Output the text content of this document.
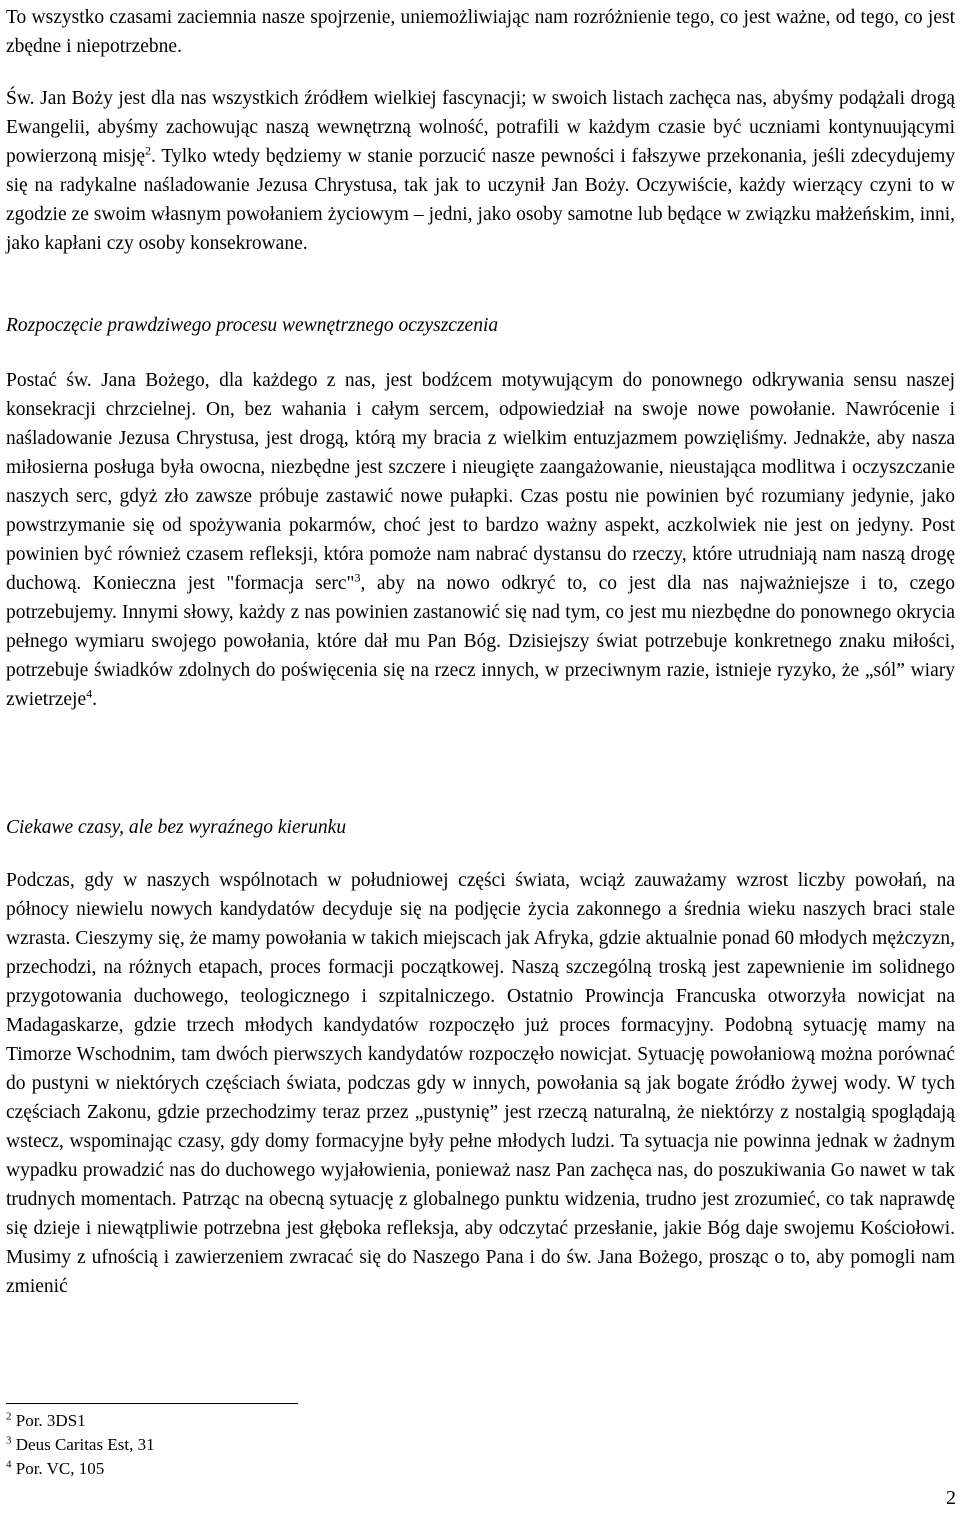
To wszystko czasami zaciemnia nasze spojrzenie, uniemożliwiając nam rozróżnienie tego, co jest ważne, od tego, co jest zbędne i niepotrzebne.

Św. Jan Boży jest dla nas wszystkich źródłem wielkiej fascynacji; w swoich listach zachęca nas, abyśmy podążali drogą Ewangelii, abyśmy zachowując naszą wewnętrzną wolność, potrafili w każdym czasie być uczniami kontynuującymi powierzoną misję$^2$. Tylko wtedy będziemy w stanie porzucić nasze pewności i fałszywe przekonania, jeśli zdecydujemy się na radykalne naśladowanie Jezusa Chrystusa, tak jak to uczynił Jan Boży. Oczywiście, każdy wierzący czyni to w zgodzie ze swoim własnym powołaniem życiowym – jedni, jako osoby samotne lub będące w związku małżeńskim, inni, jako kapłani czy osoby konsekrowane.

Rozpoczęcie prawdziwego procesu wewnętrznego oczyszczenia

Postać św. Jana Bożego, dla każdego z nas, jest bodźcem motywującym do ponownego odkrywania sensu naszej konsekracji chrzcielnej. On, bez wahania i całym sercem, odpowiedział na swoje nowe powołanie. Nawrócenie i naśladowanie Jezusa Chrystusa, jest drogą, którą my bracia z wielkim entuzjazmem powzięliśmy. Jednakże, aby nasza miłosierna posługa była owocna, niezbędne jest szczere i nieugięte zaangażowanie, nieustająca modlitwa i oczyszczanie naszych serc, gdyż zło zawsze próbuje zastawić nowe pułapki. Czas postu nie powinien być rozumiany jedynie, jako powstrzymanie się od spożywania pokarmów, choć jest to bardzo ważny aspekt, aczkolwiek nie jest on jedyny. Post powinien być również czasem refleksji, która pomoże nam nabrać dystansu do rzeczy, które utrudniają nam naszą drogę duchową. Konieczna jest "formacja serc"$^3$, aby na nowo odkryć to, co jest dla nas najważniejsze i to, czego potrzebujemy. Innymi słowy, każdy z nas powinien zastanowić się nad tym, co jest mu niezbędne do ponownego okrycia pełnego wymiaru swojego powołania, które dał mu Pan Bóg. Dzisiejszy świat potrzebuje konkretnego znaku miłości, potrzebuje świadków zdolnych do poświęcenia się na rzecz innych, w przeciwnym razie, istnieje ryzyko, że „sól” wiary zwietrzeje$^4$.

Ciekawe czasy, ale bez wyraźnego kierunku

Podczas, gdy w naszych wspólnotach w południowej części świata, wciąż zauważamy wzrost liczby powołań, na północy niewielu nowych kandydatów decyduje się na podjęcie życia zakonnego a średnia wieku naszych braci stale wzrasta. Cieszymy się, że mamy powołania w takich miejscach jak Afryka, gdzie aktualnie ponad 60 młodych mężczyzn, przechodzi, na różnych etapach, proces formacji początkowej. Naszą szczególną troską jest zapewnienie im solidnego przygotowania duchowego, teologicznego i szpitalniczego. Ostatnio Prowincja Francuska otworzyła nowicjat na Madagaskarze, gdzie trzech młodych kandydatów rozpoczęło już proces formacyjny. Podobną sytuację mamy na Timorze Wschodnim, tam dwóch pierwszych kandydatów rozpoczęło nowicjat. Sytuację powołaniową można porównać do pustyni w niektórych częściach świata, podczas gdy w innych, powołania są jak bogate źródło żywej wody. W tych częściach Zakonu, gdzie przechodzimy teraz przez „pustynię” jest rzeczą naturalną, że niektórzy z nostalgią spoglądają wstecz, wspominając czasy, gdy domy formacyjne były pełne młodych ludzi. Ta sytuacja nie powinna jednak w żadnym wypadku prowadzić nas do duchowego wyjałowienia, ponieważ nasz Pan zachęca nas, do poszukiwania Go nawet w tak trudnych momentach. Patrząc na obecną sytuację z globalnego punktu widzenia, trudno jest zrozumieć, co tak naprawdę się dzieje i niewątpliwie potrzebna jest głęboka refleksja, aby odczytać przesłanie, jakie Bóg daje swojemu Kościołowi. Musimy z ufnością i zawierzeniem zwracać się do Naszego Pana i do św. Jana Bożego, prosząc o to, aby pomogli nam zmienić

$^2$ Por. 3DS1
$^3$ Deus Caritas Est, 31
$^4$ Por. VC, 105
2
